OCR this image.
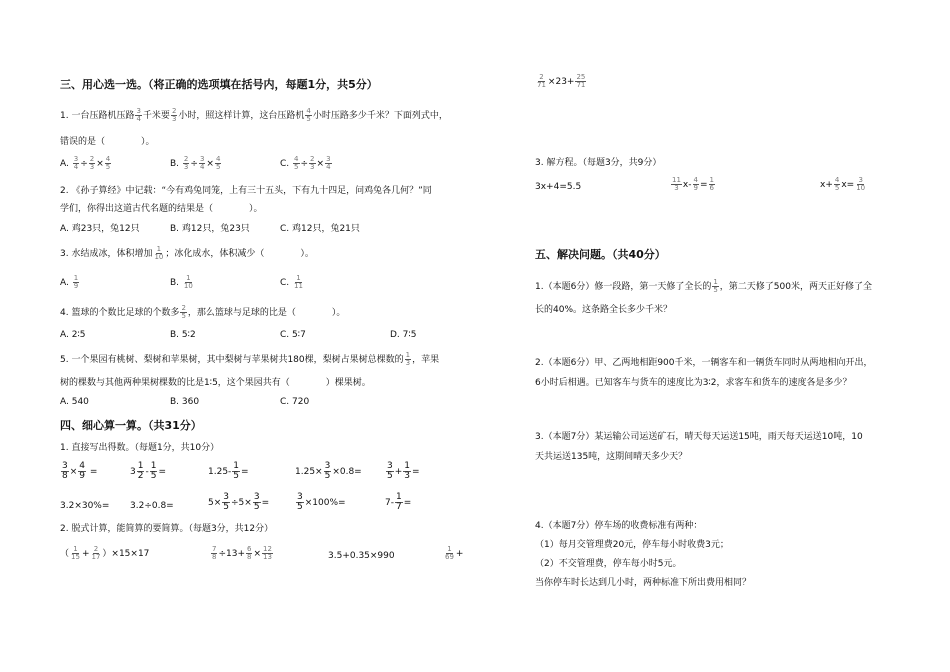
三、用心选一选。（将正确的选项填在括号内，每题1分，共5分）
1. 一台压路机压路 $\frac{3}{4}$ 千米要 $\frac{2}{3}$ 小时，照这样计算，这台压路机 $\frac{4}{5}$ 小时压路多少千米？下面列式中，
错误的是（　　　　）。
A. $\frac{3}{4} \div \frac{2}{3} \times \frac{4}{5}$	B. $\frac{2}{3} \div \frac{3}{4} \times \frac{4}{5}$	C. $\frac{4}{5} \div \frac{2}{3} \times \frac{3}{4}$
2. 《孙子算经》中记载：“今有鸡兔同笼，上有三十五头，下有九十四足，问鸡兔各几何？”同
学们，你得出这道古代名题的结果是（　　　　）。
A. 鸡23只，兔12只	B. 鸡12只，兔23只	C. 鸡12只，兔21只
3. 水结成冰，体积增加 $\frac{1}{10}$ ；冰化成水，体积减少（　　　　）。
A. $\frac{1}{9}$	B. $\frac{1}{10}$	C. $\frac{1}{11}$
4. 篮球的个数比足球的个数多 $\frac{2}{5}$ ，那么篮球与足球的比是（　　　　）。
A. 2∶5	B. 5∶2	C. 5∶7	D. 7∶5
5. 一个果园有桃树、梨树和苹果树，其中梨树与苹果树共180棵，梨树占果树总棵数的 $\frac{1}{3}$ ，苹果
树的棵数与其他两种果树棵数的比是1∶5，这个果园共有（　　　　）棵果树。
A. 540	B. 360	C. 720
四、细心算一算。（共31分）
1. 直接写出得数。（每题1分，共10分）
$\frac{3}{8} \times \frac{4}{9}$ =	$3 \frac{1}{2} - \frac{1}{5}$ =	$1.25- \frac{1}{5}$ =	$1.25\times \frac{3}{5} \times 0.8=$	$\frac{3}{5} + \frac{1}{3}$ =
3.2×30%= 3.2÷0.8=	$5\times \frac{3}{5} \div 5\times \frac{3}{5}$ =	$\frac{3}{5} \times 100\%=$	$7- \frac{1}{7}$ =
2. 脱式计算，能简算的要简算。（每题3分，共12分）
（ $\frac{1}{15} + \frac{2}{17} )\times 15\times 17$	$\frac{7}{8} \div 13+ \frac{6}{8} \times \frac{12}{13}$	3.5+0.35×990	$\frac{1}{69}$ +
$\frac{2}{71} \times 23+ \frac{25}{71}$
3. 解方程。（每题3分，共9分）
3x+4=5.5	$\frac{11}{3} x- \frac{4}{9} = \frac{1}{6}$	$x+ \frac{4}{5} x= \frac{3}{10}$
五、解决问题。（共40分）
1.（本题6分）修一段路，第一天修了全长的 $\frac{1}{5}$ ，第二天修了500米，两天正好修了全
长的40%。这条路全长多少千米？
2.（本题6分）甲、乙两地相距900千米，一辆客车和一辆货车同时从两地相向开出，
6小时后相遇。已知客车与货车的速度比为3∶2，求客车和货车的速度各是多少？
3.（本题7分）某运输公司运送矿石，晴天每天运送15吨，雨天每天运送10吨，10
天共运送135吨，这期间晴天多少天？
4.（本题7分）停车场的收费标准有两种：
（1）每月交管理费20元，停车每小时收费3元；
（2）不交管理费，停车每小时5元。
当你停车时长达到几小时，两种标准下所出费用相同？
